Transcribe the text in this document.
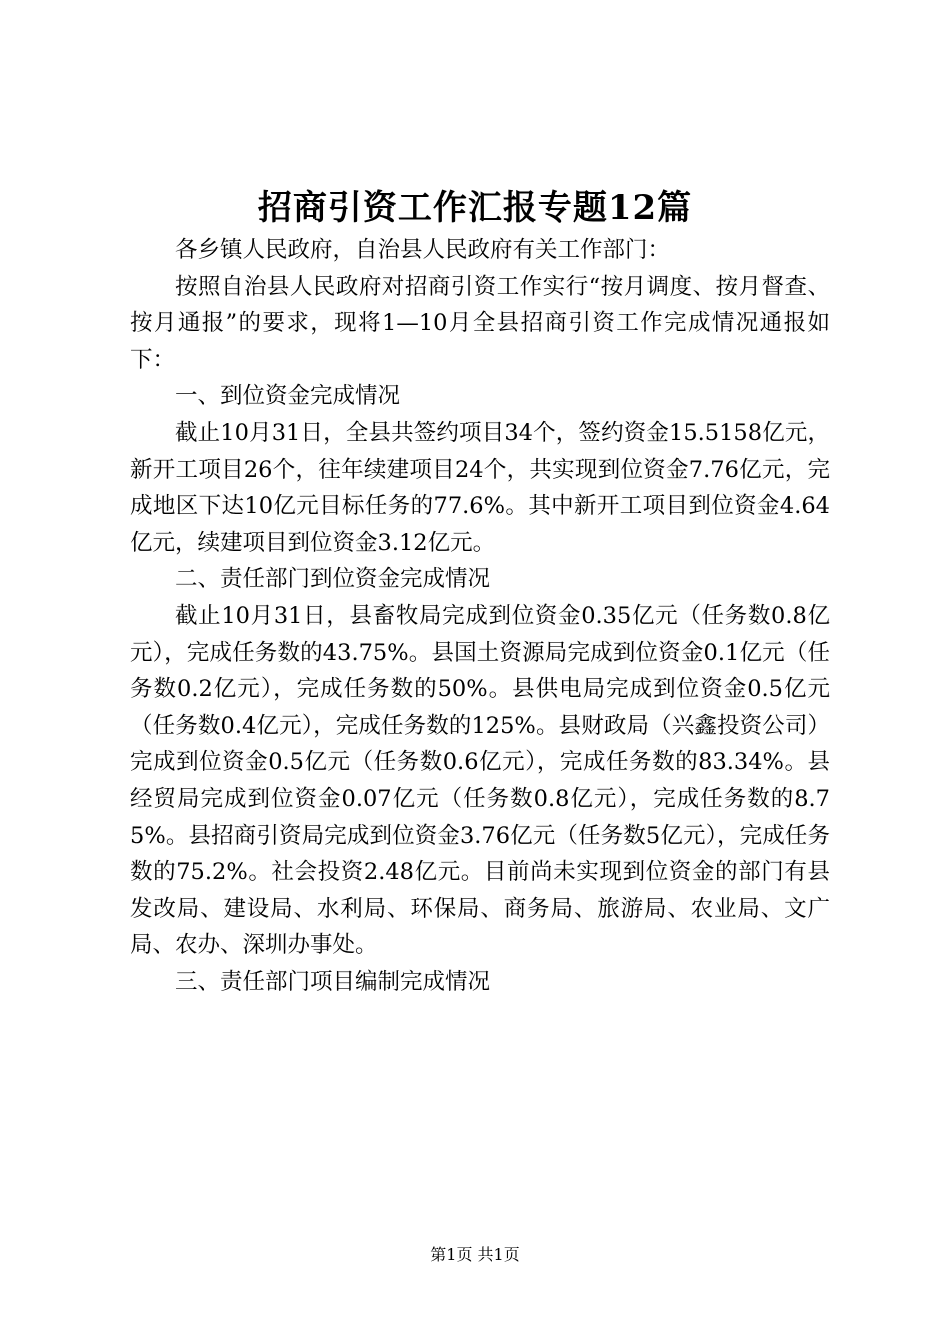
招商引资工作汇报专题12篇

各乡镇人民政府，自治县人民政府有关工作部门：

按照自治县人民政府对招商引资工作实行“按月调度、按月督查、按月通报”的要求，现将1—10月全县招商引资工作完成情况通报如下：

一、到位资金完成情况

截止10月31日，全县共签约项目34个，签约资金15.5158亿元，新开工项目26个，往年续建项目24个，共实现到位资金7.76亿元，完成地区下达10亿元目标任务的77.6%。其中新开工项目到位资金4.64亿元，续建项目到位资金3.12亿元。

二、责任部门到位资金完成情况

截止10月31日，县畜牧局完成到位资金0.35亿元（任务数0.8亿元），完成任务数的43.75%。县国土资源局完成到位资金0.1亿元（任务数0.2亿元），完成任务数的50%。县供电局完成到位资金0.5亿元（任务数0.4亿元），完成任务数的125%。县财政局（兴鑫投资公司）完成到位资金0.5亿元（任务数0.6亿元），完成任务数的83.34%。县经贸局完成到位资金0.07亿元（任务数0.8亿元），完成任务数的8.75%。县招商引资局完成到位资金3.76亿元（任务数5亿元），完成任务数的75.2%。社会投资2.48亿元。目前尚未实现到位资金的部门有县发改局、建设局、水利局、环保局、商务局、旅游局、农业局、文广局、农办、深圳办事处。

三、责任部门项目编制完成情况

第1页 共1页
